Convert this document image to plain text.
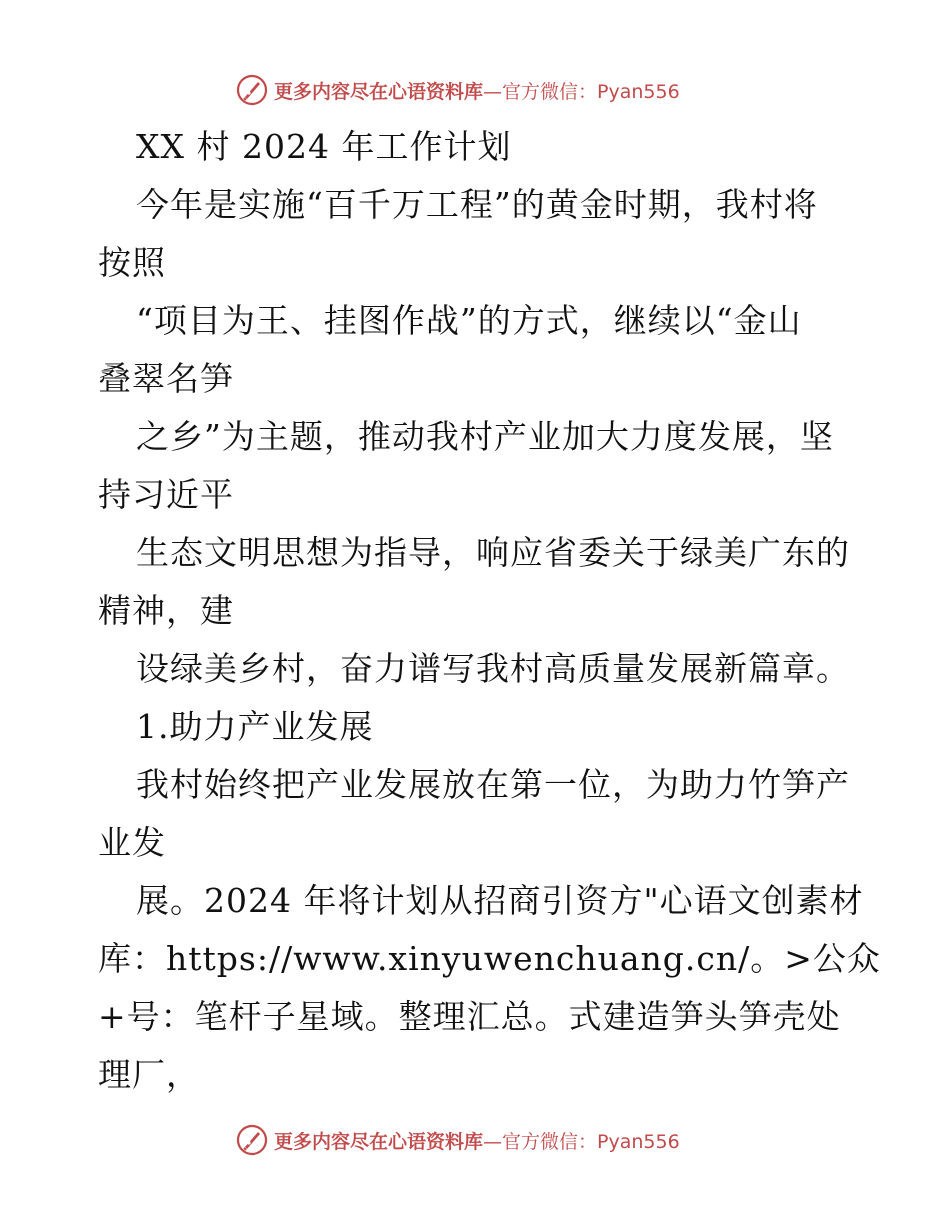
更多内容尽在心语资料库—官方微信：Pyan556
XX 村 2024 年工作计划
今年是实施“百千万工程”的黄金时期，我村将
按照
“项目为王、挂图作战”的方式，继续以“金山
叠翠名笋
之乡”为主题，推动我村产业加大力度发展，坚
持习近平
生态文明思想为指导，响应省委关于绿美广东的
精神，建
设绿美乡村，奋力谱写我村高质量发展新篇章。
1.助力产业发展
我村始终把产业发展放在第一位，为助力竹笋产
业发
展。2024 年将计划从招商引资方"心语文创素材
库：https://www.xinyuwenchuang.cn/。>公众
+号：笔杆子星域。整理汇总。式建造笋头笋壳处
理厂，
更多内容尽在心语资料库—官方微信：Pyan556
